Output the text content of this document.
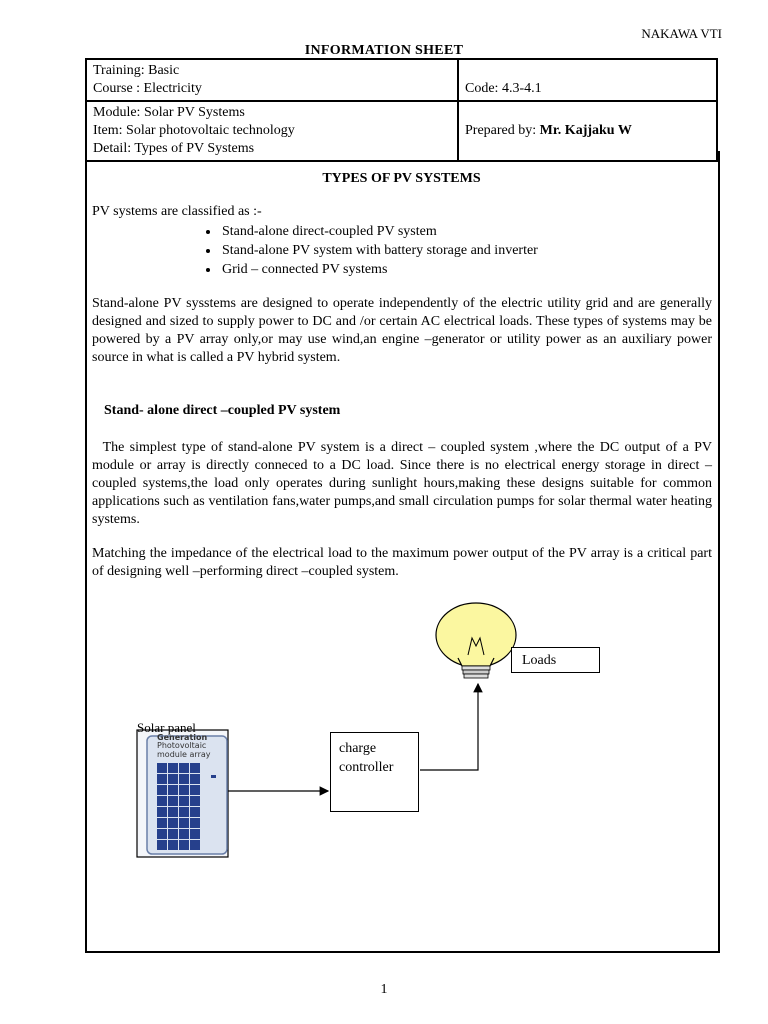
NAKAWA VTI
INFORMATION SHEET
Training: Basic
Course : Electricity	Code: 4.3-4.1

Module: Solar PV Systems
Item: Solar photovoltaic technology
Detail: Types of PV Systems	Prepared by: Mr. Kajjaku W
TYPES OF PV SYSTEMS
PV systems are classified as :-
• Stand-alone direct-coupled PV system
• Stand-alone PV system with battery storage and inverter
• Grid – connected PV systems
Stand-alone PV sysstems are designed to operate independently of the electric utility grid and are generally designed and sized to supply power to DC and /or certain AC electrical loads. These types of systems may be powered by a PV array only,or may use wind,an engine –generator or utility power as an auxiliary power source in what is called a PV hybrid system.
Stand- alone direct –coupled PV system
The simplest type of stand-alone PV system is a direct – coupled system ,where the DC output of a PV module or array is directly conneced to a DC load. Since there is no electrical energy storage in direct – coupled systems,the load only operates during sunlight hours,making these designs suitable for common applications such as ventilation fans,water pumps,and small circulation pumps for solar thermal water heating systems.
Matching the impedance of the electrical load to the maximum power output of the PV array is a critical part of designing well –performing direct –coupled system.
Solar panel
Generation
Photovoltaic
module array	charge
controller
Loads
1
